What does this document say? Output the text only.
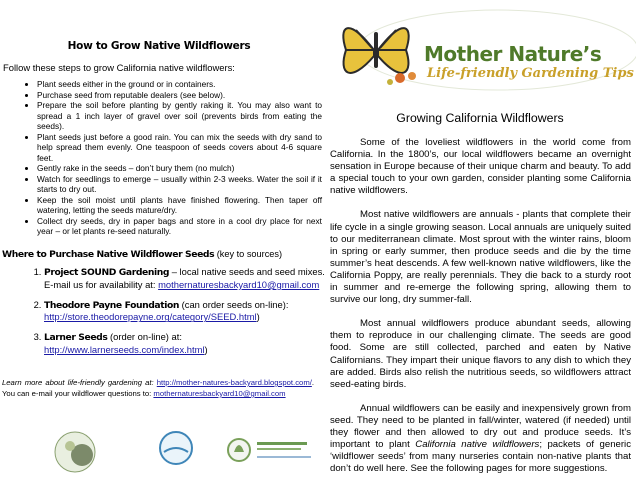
How to Grow Native Wildflowers
Follow these steps to grow California native wildflowers:
• Plant seeds either in the ground or in containers.
• Purchase seed from reputable dealers (see below).
• Prepare the soil before planting by gently raking it. You may also want to spread a 1 inch layer of gravel over soil (prevents birds from eating the seeds).
• Plant seeds just before a good rain. You can mix the seeds with dry sand to help spread them evenly. One teaspoon of seeds covers about 4-6 square feet.
• Gently rake in the seeds – don’t bury them (no mulch)
• Watch for seedlings to emerge – usually within 2-3 weeks. Water the soil if it starts to dry out.
• Keep the soil moist until plants have finished flowering. Then taper off watering, letting the seeds mature/dry.
• Collect dry seeds, dry in paper bags and store in a cool dry place for next year – or let plants re-seed naturally.
Where to Purchase Native Wildflower Seeds (key to sources)
1. Project SOUND Gardening – local native seeds and seed mixes. E-mail us for availability at: mothernaturesbackyard10@gmail.com
2. Theodore Payne Foundation (can order seeds on-line): http://store.theodorepayne.org/category/SEED.html)
3. Larner Seeds (order on-line) at: http://www.larnerseeds.com/index.html)
Learn more about life-friendly gardening at: http://mother-natures-backyard.blogspot.com/. You can e-mail your wildflower questions to: mothernaturesbackyard10@gmail.com
Mother Nature’s
Life-friendly Gardening Tips
Growing California Wildflowers

Some of the loveliest wildflowers in the world come from California. In the 1800’s, our local wildflowers became an overnight sensation in Europe because of their unique charm and beauty. To add a special touch to your own garden, consider planting some California native wildflowers.

Most native wildflowers are annuals - plants that complete their life cycle in a single growing season. Local annuals are uniquely suited to our mediterranean climate. Most sprout with the winter rains, bloom in spring or early summer, then produce seeds and die by the time summer’s heat descends. A few well-known native wildflowers, like the California Poppy, are really perennials. They die back to a sturdy root in summer and re-emerge the following spring, allowing them to survive our long, dry summer-fall.

Most annual wildflowers produce abundant seeds, allowing them to reproduce in our challenging climate. The seeds are good food. Some are still collected, parched and eaten by Native Californians. They impart their unique flavors to any dish to which they are added. Birds also relish the nutritious seeds, so wildflowers attract seed-eating birds.

Annual wildflowers can be easily and inexpensively grown from seed. They need to be planted in fall/winter, watered (if needed) until they flower and then allowed to dry out and produce seeds. It’s important to plant California native wildflowers; packets of generic ‘wildflower seeds’ from many nurseries contain non-native plants that don’t do well here. See the following pages for more suggestions.
